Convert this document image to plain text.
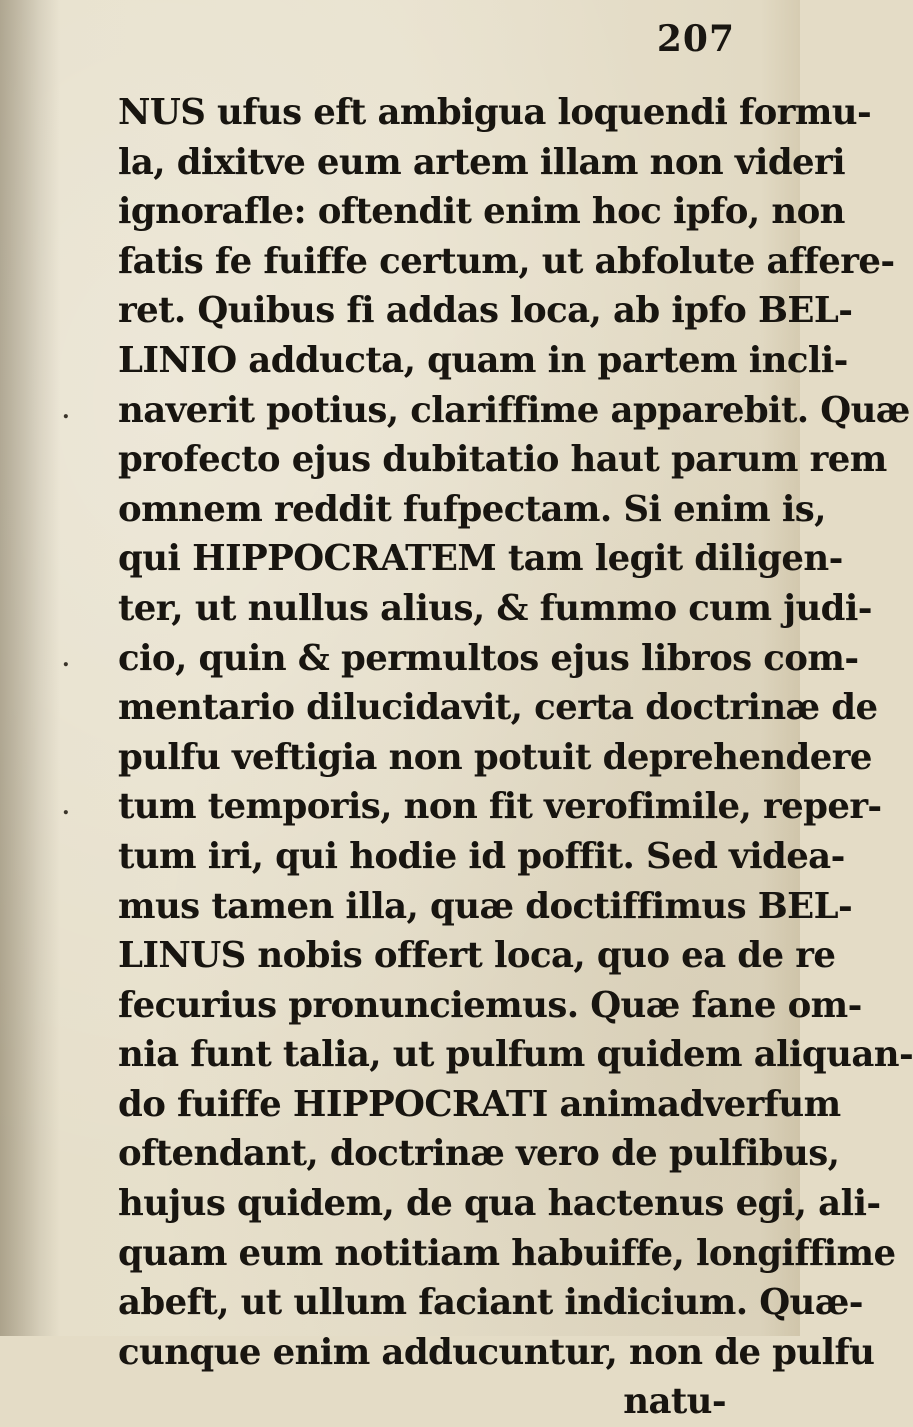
207
.
.
.
NUS ufus eft ambigua loquendi formu-
la, dixitve eum artem illam non videri
ignorafle: oftendit enim hoc ipfo, non
fatis fe fuiffe certum, ut abfolute affere-
ret. Quibus fi addas loca, ab ipfo BEL-
LINIO adducta, quam in partem incli-
naverit potius, clariffime apparebit. Quæ
profecto ejus dubitatio haut parum rem
omnem reddit fufpectam. Si enim is,
qui HIPPOCRATEM tam legit diligen-
ter, ut nullus alius, & fummo cum judi-
cio, quin & permultos ejus libros com-
mentario dilucidavit, certa doctrinæ de
pulfu veftigia non potuit deprehendere
tum temporis, non fit verofimile, reper-
tum iri, qui hodie id poffit. Sed videa-
mus tamen illa, quæ doctiffimus BEL-
LINUS nobis offert loca, quo ea de re
fecurius pronunciemus. Quæ fane om-
nia funt talia, ut pulfum quidem aliquan-
do fuiffe HIPPOCRATI animadverfum
oftendant, doctrinæ vero de pulfibus,
hujus quidem, de qua hactenus egi, ali-
quam eum notitiam habuiffe, longiffime
abeft, ut ullum faciant indicium. Quæ-
cunque enim adducuntur, non de pulfu
natu-
